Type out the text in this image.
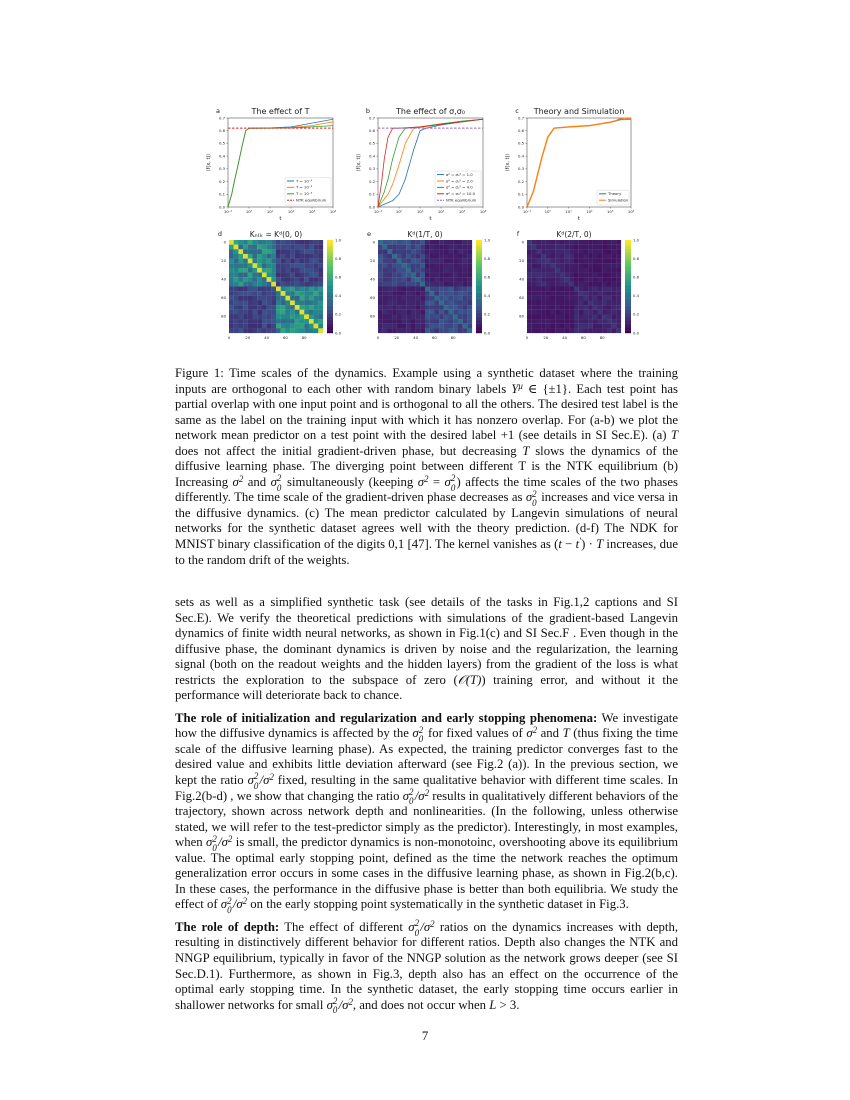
a	The effect of T
0.0
0.1
0.2
0.3
0.4
0.5
0.6
0.7
10⁻¹	10⁰	10¹	10²	10³	10⁴
t
⟨f(x, t)⟩
T = 10⁻¹
T = 10⁻²
T = 10⁻³
NTK equilibrium
b	The effect of σ,σ₀
0.0
0.1
0.2
0.3
0.4
0.5
0.6
0.7
10⁻¹	10⁰	10¹	10²	10³	10⁴
t
⟨f(x, t)⟩
σ² = σ₀² = 1.0
σ² = σ₀² = 2.0
σ² = σ₀² = 4.0
σ² = σ₀² = 10.0
NTK equilibrium
c Theory and Simulation
0.0
0.1
0.2
0.3
0.4
0.5
0.6
0.7
10⁻¹	10⁰	10¹	10²	10³	10⁴
t
⟨f(x, t)⟩
Theory
Simulation
d	Kₙₜₖ = Kᵈ(0, 0)
0
20
40
60
80
0	20	40	60	80
0.0
0.2
0.4
0.6
0.8
1.0
e	Kᵈ(1/T, 0)
0
20
40
60
80
0	20	40	60	80
0.0
0.2
0.4
0.6
0.8
1.0
f	Kᵈ(2/T, 0)
0
20
40
60
80
0	20	40	60	80
0.0
0.2
0.4
0.6
0.8
1.0

Figure 1: Time scales of the dynamics. Example using a synthetic dataset where the training inputs are orthogonal to each other with random binary labels $Y^\mu$ ∈ {±1}. Each test point has partial overlap with one input point and is orthogonal to all the others. The desired test label is the same as the label on the training input with which it has nonzero overlap. For (a-b) we plot the network mean predictor on a test point with the desired label +1 (see details in SI Sec.E). (a) T does not affect the initial gradient-driven phase, but decreasing T slows the dynamics of the diffusive learning phase. The diverging point between different T is the NTK equilibrium (b) Increasing $\sigma^2$ and σ 2
0 simultaneously (keeping $\sigma^2 = \sigma$ 2
0 ) affects the time scales of the two phases differently. The time scale of the gradient-driven phase decreases as σ 2
0 increases and vice versa in the diffusive dynamics. (c) The mean predictor calculated by Langevin simulations of neural networks for the synthetic dataset agrees well with the theory prediction. (d-f) The NDK for MNIST binary classification of the digits 0,1 [47]. The kernel vanishes as (t − t′) · T increases, due to the random drift of the weights.

sets as well as a simplified synthetic task (see details of the tasks in Fig.1,2 captions and SI Sec.E). We verify the theoretical predictions with simulations of the gradient-based Langevin dynamics of finite width neural networks, as shown in Fig.1(c) and SI Sec.F . Even though in the diffusive phase, the dominant dynamics is driven by noise and the regularization, the learning signal (both on the readout weights and the hidden layers) from the gradient of the loss is what restricts the exploration to the subspace of zero (𝒪(T)) training error, and without it the performance will deteriorate back to chance.

The role of initialization and regularization and early stopping phenomena: We investigate how the diffusive dynamics is affected by the σ 2
0 for fixed values of $\sigma^2$ and T (thus fixing the time scale of the diffusive learning phase). As expected, the training predictor converges fast to the desired value and exhibits little deviation afterward (see Fig.2 (a)). In the previous section, we kept the ratio σ 2
0 $/\sigma^2$ fixed, resulting in the same qualitative behavior with different time scales. In Fig.2(b-d) , we show that changing the ratio σ 2
0 $/\sigma^2$ results in qualitatively different behaviors of the trajectory, shown across network depth and nonlinearities. (In the following, unless otherwise stated, we will refer to the test-predictor simply as the predictor). Interestingly, in most examples, when σ 2
0 $/\sigma^2$ is small, the predictor dynamics is non-monotoinc, overshooting above its equilibrium value. The optimal early stopping point, defined as the time the network reaches the optimum generalization error occurs in some cases in the diffusive learning phase, as shown in Fig.2(b,c). In these cases, the performance in the diffusive phase is better than both equilibria. We study the effect of σ 2
0 $/\sigma^2$ on the early stopping point systematically in the synthetic dataset in Fig.3.

The role of depth: The effect of different σ 2
0 $/\sigma^2$ ratios on the dynamics increases with depth, resulting in distinctively different behavior for different ratios. Depth also changes the NTK and NNGP equilibrium, typically in favor of the NNGP solution as the network grows deeper (see SI Sec.D.1). Furthermore, as shown in Fig.3, depth also has an effect on the occurrence of the optimal early stopping time. In the synthetic dataset, the early stopping time occurs earlier in shallower networks for small σ 2
0 $/\sigma^2$, and does not occur when L > 3.

7
